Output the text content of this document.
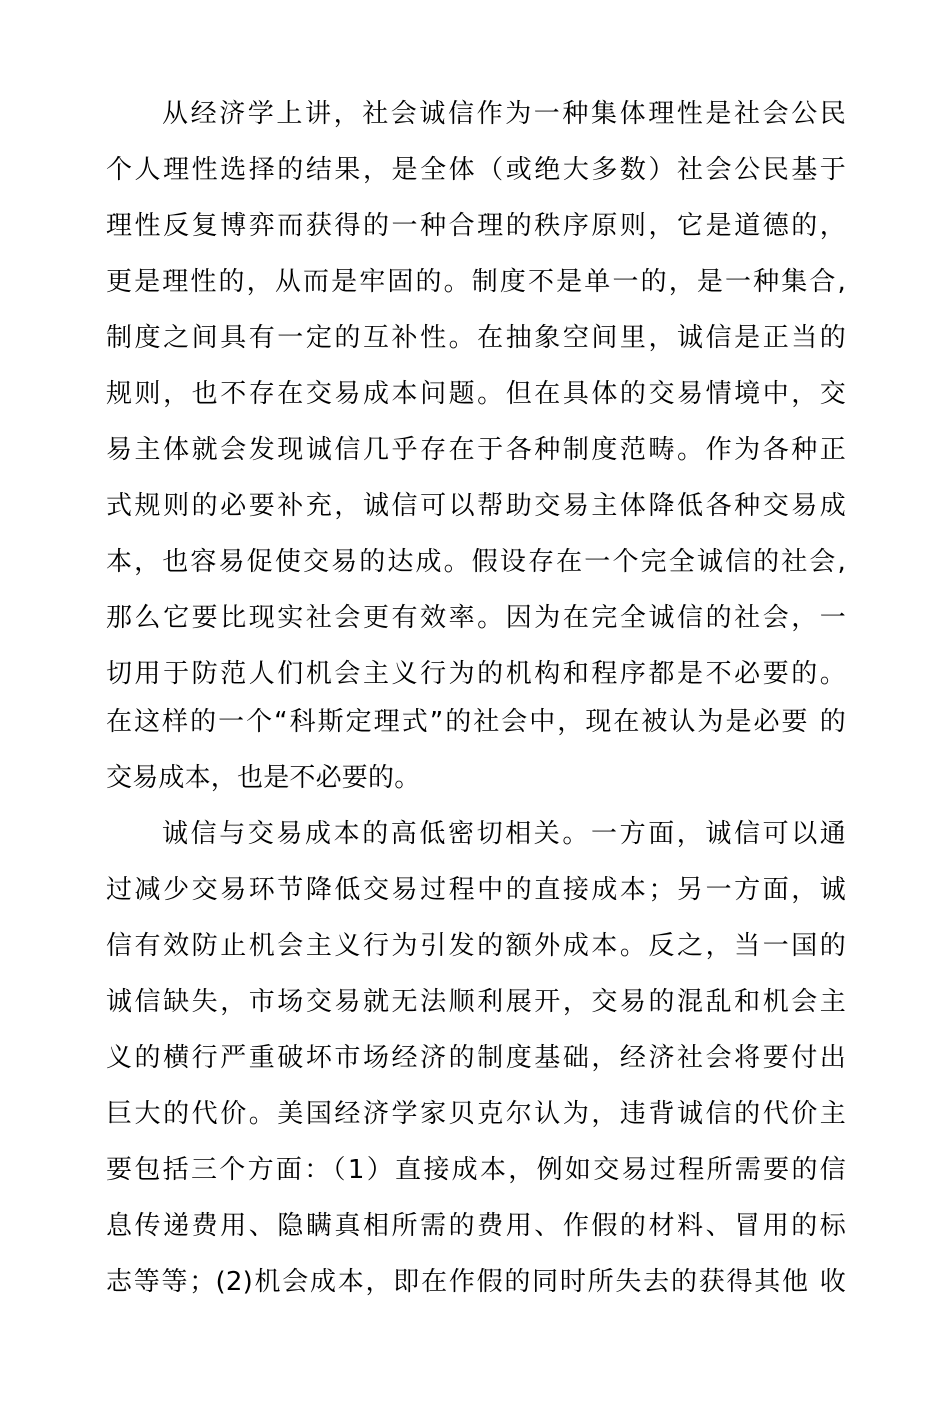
从经济学上讲，社会诚信作为一种集体理性是社会公民
个人理性选择的结果，是全体（或绝大多数）社会公民基于
理性反复博弈而获得的一种合理的秩序原则，它是道德的，
更是理性的，从而是牢固的。制度不是单一的，是一种集合,
制度之间具有一定的互补性。在抽象空间里，诚信是正当的
规则，也不存在交易成本问题。但在具体的交易情境中，交
易主体就会发现诚信几乎存在于各种制度范畴。作为各种正
式规则的必要补充，诚信可以帮助交易主体降低各种交易成
本，也容易促使交易的达成。假设存在一个完全诚信的社会,
那么它要比现实社会更有效率。因为在完全诚信的社会，一
切用于防范人们机会主义行为的机构和程序都是不必要的。
在这样的一个“科斯定理式”的社会中，现在被认为是必要 的
交易成本，也是不必要的。
诚信与交易成本的高低密切相关。一方面，诚信可以通
过减少交易环节降低交易过程中的直接成本；另一方面，诚
信有效防止机会主义行为引发的额外成本。反之，当一国的
诚信缺失，市场交易就无法顺利展开，交易的混乱和机会主
义的横行严重破坏市场经济的制度基础，经济社会将要付出
巨大的代价。美国经济学家贝克尔认为，违背诚信的代价主
要包括三个方面：（1）直接成本，例如交易过程所需要的信
息传递费用、隐瞒真相所需的费用、作假的材料、冒用的标
志等等；(2)机会成本，即在作假的同时所失去的获得其他 收
